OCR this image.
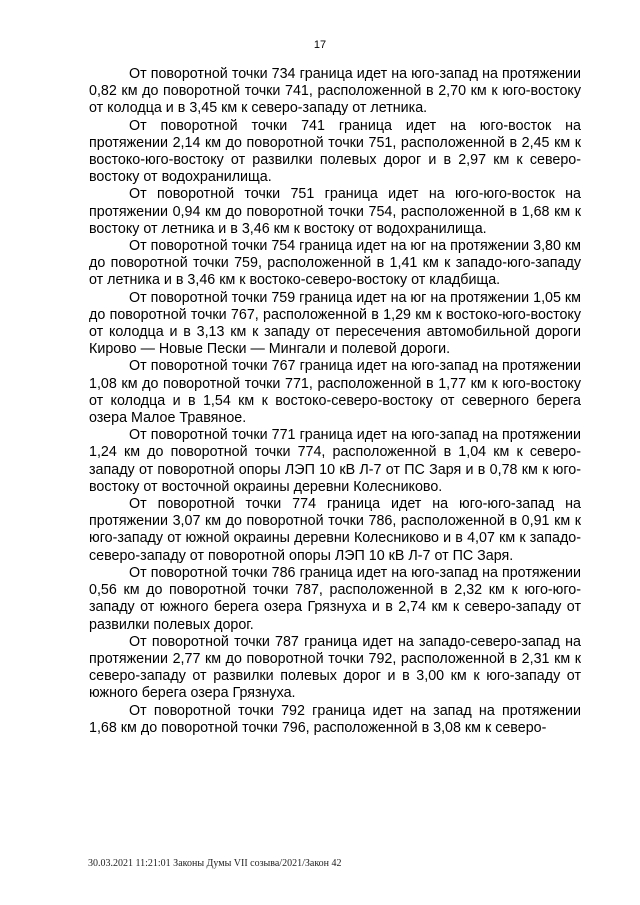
17

От поворотной точки 734 граница идет на юго-запад на протяжении 0,82 км до поворотной точки 741, расположенной в 2,70 км к юго-востоку от колодца и в 3,45 км к северо-западу от летника.

От поворотной точки 741 граница идет на юго-восток на протяжении 2,14 км до поворотной точки 751, расположенной в 2,45 км к востоко-юго-востоку от развилки полевых дорог и в 2,97 км к северо-востоку от водохранилища.

От поворотной точки 751 граница идет на юго-юго-восток на протяжении 0,94 км до поворотной точки 754, расположенной в 1,68 км к востоку от летника и в 3,46 км к востоку от водохранилища.

От поворотной точки 754 граница идет на юг на протяжении 3,80 км до поворотной точки 759, расположенной в 1,41 км к западо-юго-западу от летника и в 3,46 км к востоко-северо-востоку от кладбища.

От поворотной точки 759 граница идет на юг на протяжении 1,05 км до поворотной точки 767, расположенной в 1,29 км к востоко-юго-востоку от колодца и в 3,13 км к западу от пересечения автомобильной дороги Кирово — Новые Пески — Мингали и полевой дороги.

От поворотной точки 767 граница идет на юго-запад на протяжении 1,08 км до поворотной точки 771, расположенной в 1,77 км к юго-востоку от колодца и в 1,54 км к востоко-северо-востоку от северного берега озера Малое Травяное.

От поворотной точки 771 граница идет на юго-запад на протяжении 1,24 км до поворотной точки 774, расположенной в 1,04 км к северо-западу от поворотной опоры ЛЭП 10 кВ Л-7 от ПС Заря и в 0,78 км к юго-востоку от восточной окраины деревни Колесниково.

От поворотной точки 774 граница идет на юго-юго-запад на протяжении 3,07 км до поворотной точки 786, расположенной в 0,91 км к юго-западу от южной окраины деревни Колесниково и в 4,07 км к западо-северо-западу от поворотной опоры ЛЭП 10 кВ Л-7 от ПС Заря.

От поворотной точки 786 граница идет на юго-запад на протяжении 0,56 км до поворотной точки 787, расположенной в 2,32 км к юго-юго-западу от южного берега озера Грязнуха и в 2,74 км к северо-западу от развилки полевых дорог.

От поворотной точки 787 граница идет на западо-северо-запад на протяжении 2,77 км до поворотной точки 792, расположенной в 2,31 км к северо-западу от развилки полевых дорог и в 3,00 км к юго-западу от южного берега озера Грязнуха.

От поворотной точки 792 граница идет на запад на протяжении 1,68 км до поворотной точки 796, расположенной в 3,08 км к северо-

30.03.2021 11:21:01 Законы Думы VII созыва/2021/Закон 42
